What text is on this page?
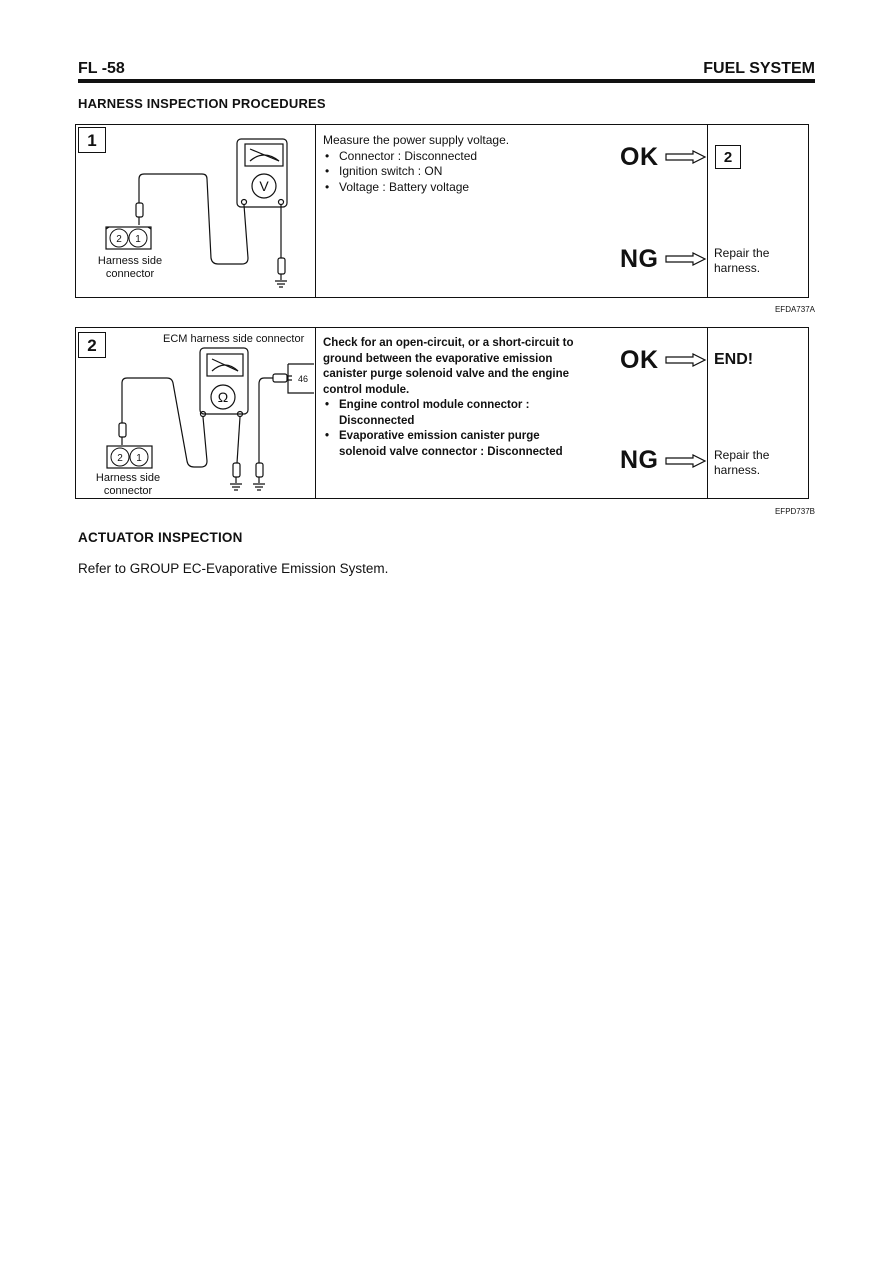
FL -58	FUEL SYSTEM
HARNESS INSPECTION PROCEDURES
1
V
2 1
Harness side connector
Measure the power supply voltage.
• Connector : Disconnected
• Ignition switch : ON
• Voltage : Battery voltage
OK
NG
2
Repair the harness.
EFDA737A
2	ECM harness side connector
Ω
46
2 1
Harness side connector
Check for an open-circuit, or a short-circuit to ground between the evaporative emission canister purge solenoid valve and the engine control module.
• Engine control module connector : Disconnected
• Evaporative emission canister purge solenoid valve connector : Disconnected
OK
NG
END!
Repair the harness.
EFPD737B
ACTUATOR INSPECTION
Refer to GROUP EC-Evaporative Emission System.
